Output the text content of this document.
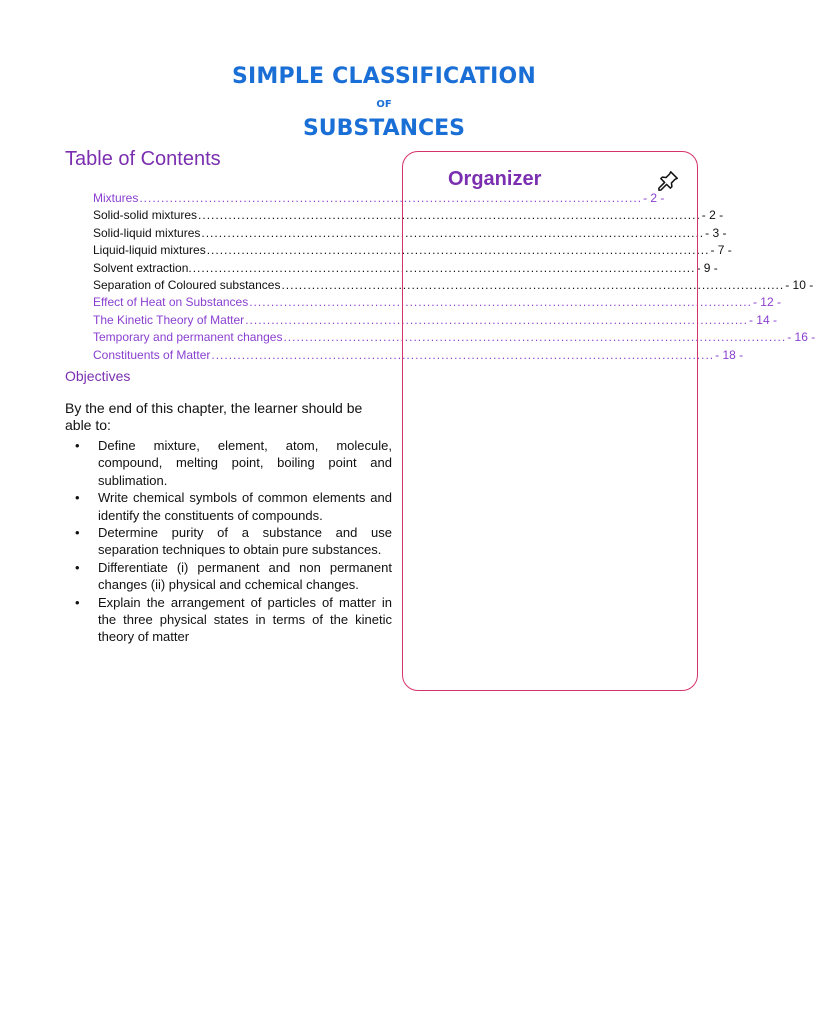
SIMPLE CLASSIFICATION
OF
SUBSTANCES
Table of Contents
Mixtures .................................................................................................................... - 2 -
Solid-solid mixtures .................................................................................................................... - 2 -
Solid-liquid mixtures .................................................................................................................... - 3 -
Liquid-liquid mixtures .................................................................................................................... - 7 -
Solvent extraction. .................................................................................................................... - 9 -
Separation of Coloured substances .................................................................................................................... - 10 -
Effect of Heat on Substances .................................................................................................................... - 12 -
The Kinetic Theory of Matter .................................................................................................................... - 14 -
Temporary and permanent changes .................................................................................................................... - 16 -
Constituents of Matter .................................................................................................................... - 18 -
Objectives
By the end of this chapter, the learner should be able to:
• Define mixture, element, atom, molecule, compound, melting point, boiling point and sublimation.
• Write chemical symbols of common elements and identify the constituents of compounds.
• Determine purity of a substance and use separation techniques to obtain pure substances.
• Differentiate (i) permanent and non permanent changes (ii) physical and cchemical changes.
• Explain the arrangement of particles of matter in the three physical states in terms of the kinetic theory of matter
Organizer
